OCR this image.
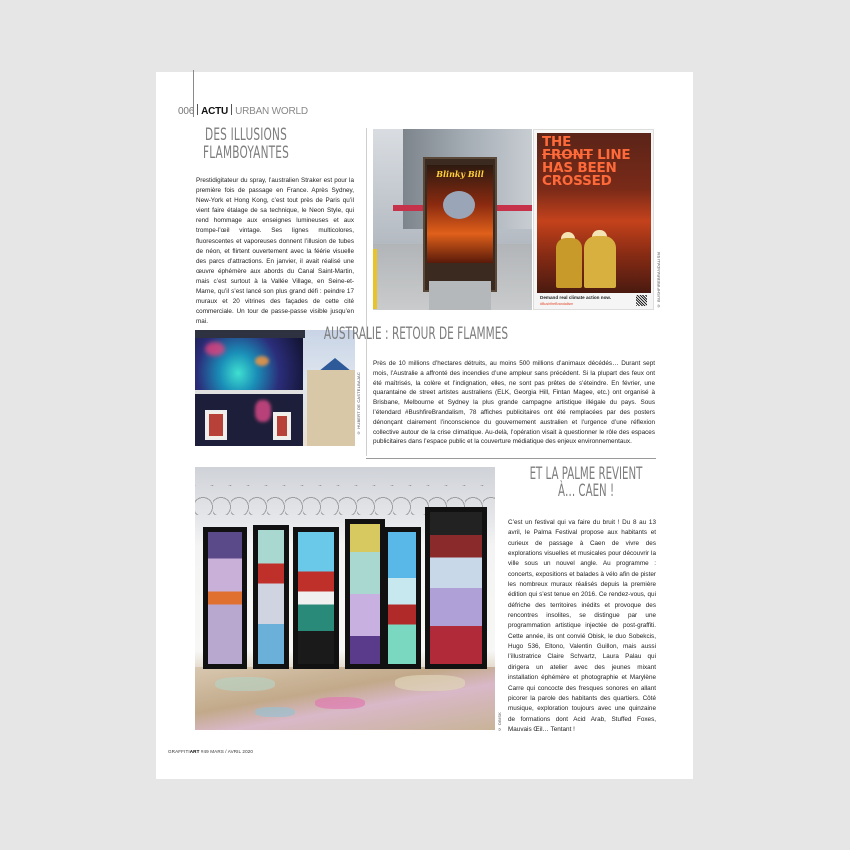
006 ACTU URBAN WORLD
DES ILLUSIONS
FLAMBOYANTES
Prestidigitateur du spray, l’australien Straker est pour la première fois de passage en France. Après Sydney, New-York et Hong Kong, c’est tout près de Paris qu’il vient faire étalage de sa technique, le Neon Style, qui rend hommage aux enseignes lumineuses et aux trompe-l’œil vintage. Ses lignes multicolores, fluorescentes et vaporeuses donnent l’illusion de tubes de néon, et flirtent ouvertement avec la féérie visuelle des parcs d’attractions. En janvier, il avait réalisé une œuvre éphémère aux abords du Canal Saint-Martin, mais c’est surtout à la Vallée Village, en Seine-et-Marne, qu’il s’est lancé son plus grand défi : peindre 17 muraux et 20 vitrines des façades de cette cité commerciale. Un tour de passe-passe visible jusqu’en mai.
© HUBERT DE CASTELBAJAC
Blinky Bill
THE
FRONT LINE
HAS BEEN
CROSSED
Demand real climate action now.
#BushfireBrandalism	© BUSHFIREBRANDALISM
AUSTRALIE : RETOUR DE FLAMMES
Près de 10 millions d’hectares détruits, au moins 500 millions d’animaux décédés… Durant sept mois, l’Australie a affronté des incendies d’une ampleur sans précédent. Si la plupart des feux ont été maîtrisés, la colère et l’indignation, elles, ne sont pas prêtes de s’éteindre. En février, une quarantaine de street artistes australiens (ELK, Georgia Hill, Fintan Magee, etc.) ont organisé à Brisbane, Melbourne et Sydney la plus grande campagne artistique illégale du pays. Sous l’étendard #BushfireBrandalism, 78 affiches publicitaires ont été remplacées par des posters dénonçant clairement l’inconscience du gouvernement australien et l’urgence d’une réflexion collective autour de la crise climatique. Au-delà, l’opération visait à questionner le rôle des espaces publicitaires dans l’espace public et la couverture médiatique des enjeux environnementaux.
© OBISK
ET LA PALME REVIENT
À… CAEN !
C’est un festival qui va faire du bruit ! Du 8 au 13 avril, le Palma Festival propose aux habitants et curieux de passage à Caen de vivre des explorations visuelles et musicales pour découvrir la ville sous un nouvel angle. Au programme : concerts, expositions et balades à vélo afin de pister les nombreux muraux réalisés depuis la première édition qui s’est tenue en 2016. Ce rendez-vous, qui défriche des territoires inédits et provoque des rencontres insolites, se distingue par une programmation artistique injectée de post-graffiti. Cette année, ils ont convié Obisk, le duo Sobekcis, Hugo 536, Eltono, Valentin Guillon, mais aussi l’illustratrice Claire Schvartz, Laura Palau qui dirigera un atelier avec des jeunes mixant installation éphémère et photographie et Marylène Carre qui concocte des fresques sonores en allant picorer la parole des habitants des quartiers. Côté musique, exploration toujours avec une quinzaine de formations dont Acid Arab, Stuffed Foxes, Mauvais Œil… Tentant !
GRAFFITIART #49 MARS / AVRIL 2020
